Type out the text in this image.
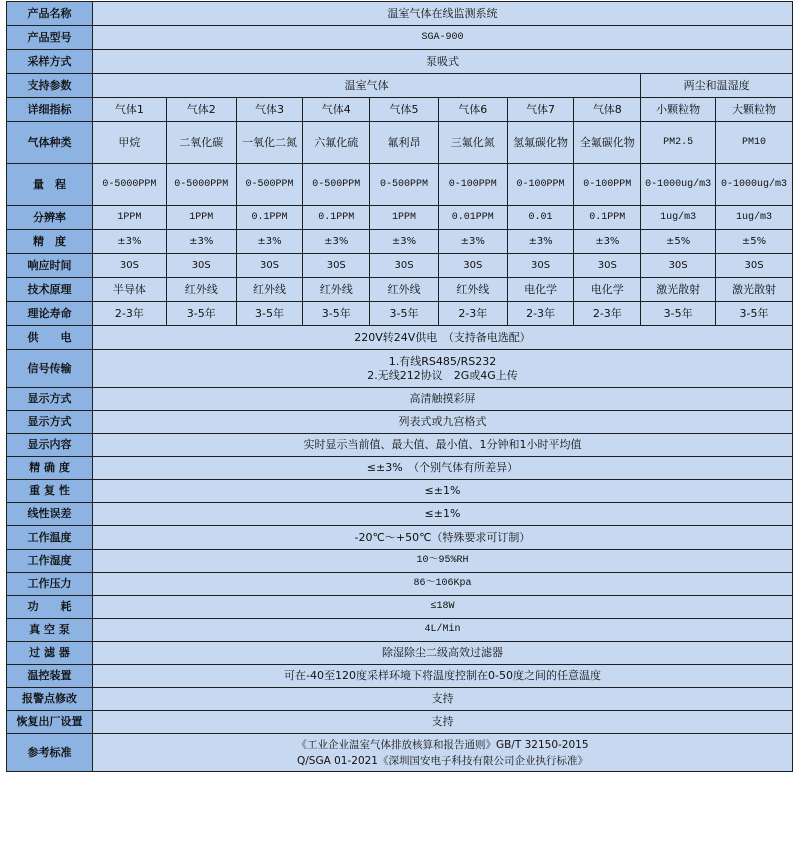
产品名称	温室气体在线监测系统									
产品型号	SGA-900									
采样方式	泵吸式									
支持参数	温室气体								两尘和温湿度	
详细指标	气体1	气体2	气体3	气体4	气体5	气体6	气体7	气体8	小颗粒物	大颗粒物
气体种类	甲烷	二氧化碳	一氧化二氮	六氟化硫	氟利昂	三氟化氮	氢氟碳化物	全氟碳化物	PM2.5	PM10
量　程	0-5000PPM	0-5000PPM	0-500PPM	0-500PPM	0-500PPM	0-100PPM	0-100PPM	0-100PPM	0-1000ug/m3	0-1000ug/m3
分辨率	1PPM	1PPM	0.1PPM	0.1PPM	1PPM	0.01PPM	0.01	0.1PPM	1ug/m3	1ug/m3
精　度	±3%	±3%	±3%	±3%	±3%	±3%	±3%	±3%	±5%	±5%
响应时间	30S	30S	30S	30S	30S	30S	30S	30S	30S	30S
技术原理	半导体	红外线	红外线	红外线	红外线	红外线	电化学	电化学	激光散射	激光散射
理论寿命	2-3年	3-5年	3-5年	3-5年	3-5年	2-3年	2-3年	2-3年	3-5年	3-5年
供　　电	220V转24V供电　（支持备电选配）									
信号传输	1.有线RS485/RS232
2.无线212协议　2G或4G上传									

显示方式	高清触摸彩屏									
显示方式	列表式或九宫格式									
显示内容	实时显示当前值、最大值、最小值、1分钟和1小时平均值									
精 确 度	≤±3%　（个别气体有所差异）									
重 复 性	≤±1%									
线性误差	≤±1%									
工作温度	-20℃～+50℃（特殊要求可订制）									
工作湿度	10～95%RH									
工作压力	86～106Kpa									
功　　耗	≤18W									
真 空 泵	4L/Min									
过 滤 器	除湿除尘二级高效过滤器									
温控装置	可在-40至120度采样环境下将温度控制在0-50度之间的任意温度									
报警点修改	支持									
恢复出厂设置	支持									
参考标准	《工业企业温室气体排放核算和报告通则》GB/T 32150-2015
Q/SGA 01-2021《深圳国安电子科技有限公司企业执行标准》									
